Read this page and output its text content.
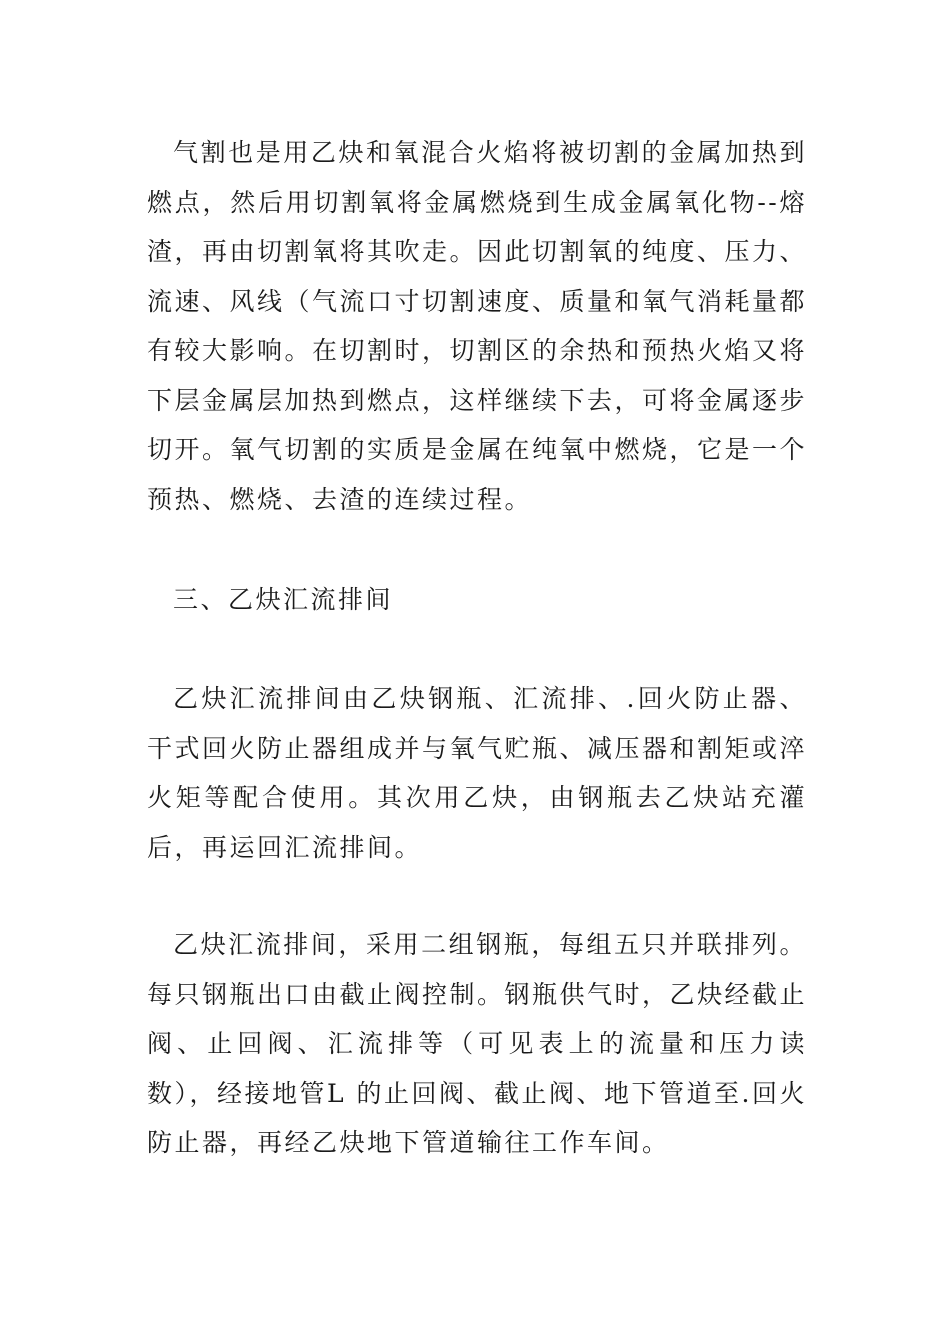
气割也是用乙炔和氧混合火焰将被切割的金属加热到燃点，然后用切割氧将金属燃烧到生成金属氧化物--熔渣，再由切割氧将其吹走。因此切割氧的纯度、压力、流速、风线（气流口寸切割速度、质量和氧气消耗量都有较大影响。在切割时，切割区的余热和预热火焰又将下层金属层加热到燃点，这样继续下去，可将金属逐步切开。氧气切割的实质是金属在纯氧中燃烧，它是一个预热、燃烧、去渣的连续过程。

三、乙炔汇流排间

乙炔汇流排间由乙炔钢瓶、汇流排、.回火防止器、干式回火防止器组成并与氧气贮瓶、减压器和割矩或淬火矩等配合使用。其次用乙炔，由钢瓶去乙炔站充灌后，再运回汇流排间。

乙炔汇流排间，采用二组钢瓶，每组五只并联排列。每只钢瓶出口由截止阀控制。钢瓶供气时，乙炔经截止阀、止回阀、汇流排等（可见表上的流量和压力读数），经接地管L 的止回阀、截止阀、地下管道至.回火防止器，再经乙炔地下管道输往工作车间。
